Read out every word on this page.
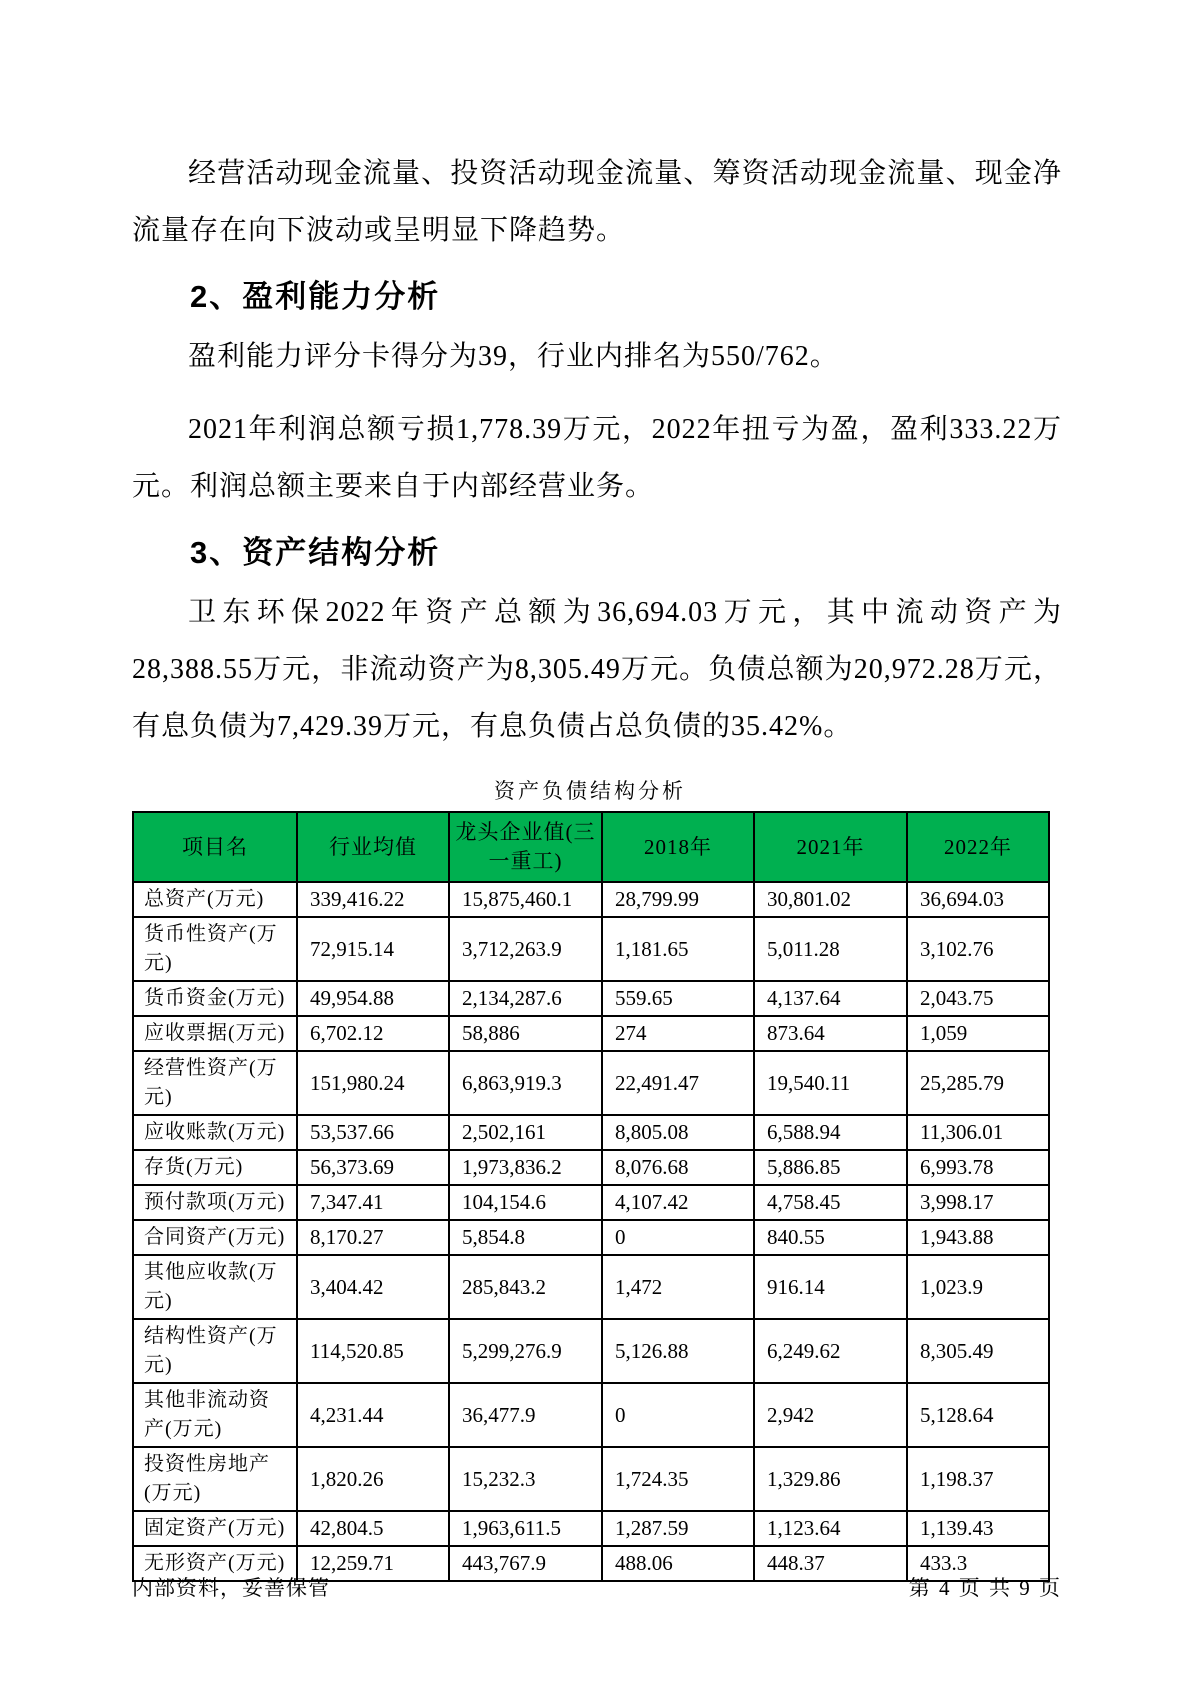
经营活动现金流量、投资活动现金流量、筹资活动现金流量、现金净流量存在向下波动或呈明显下降趋势。

2、盈利能力分析

盈利能力评分卡得分为39，行业内排名为550/762。

2021年利润总额亏损1,778.39万元，2022年扭亏为盈，盈利333.22万元。利润总额主要来自于内部经营业务。

3、资产结构分析

卫东环保2022年资产总额为36,694.03万元，其中流动资产为28,388.55万元，非流动资产为8,305.49万元。负债总额为20,972.28万元，有息负债为7,429.39万元，有息负债占总负债的35.42%。

资产负债结构分析
项目名	行业均值	龙头企业值(三一重工)	2018年	2021年	2022年
总资产(万元)	339,416.22	15,875,460.1	28,799.99	30,801.02	36,694.03
货币性资产(万元)	72,915.14	3,712,263.9	1,181.65	5,011.28	3,102.76
货币资金(万元)	49,954.88	2,134,287.6	559.65	4,137.64	2,043.75
应收票据(万元)	6,702.12	58,886	274	873.64	1,059
经营性资产(万元)	151,980.24	6,863,919.3	22,491.47	19,540.11	25,285.79
应收账款(万元)	53,537.66	2,502,161	8,805.08	6,588.94	11,306.01
存货(万元)	56,373.69	1,973,836.2	8,076.68	5,886.85	6,993.78
预付款项(万元)	7,347.41	104,154.6	4,107.42	4,758.45	3,998.17
合同资产(万元)	8,170.27	5,854.8	0	840.55	1,943.88
其他应收款(万元)	3,404.42	285,843.2	1,472	916.14	1,023.9
结构性资产(万元)	114,520.85	5,299,276.9	5,126.88	6,249.62	8,305.49
其他非流动资产(万元)	4,231.44	36,477.9	0	2,942	5,128.64
投资性房地产(万元)	1,820.26	15,232.3	1,724.35	1,329.86	1,198.37
固定资产(万元)	42,804.5	1,963,611.5	1,287.59	1,123.64	1,139.43
无形资产(万元)	12,259.71	443,767.9	488.06	448.37	433.3
内部资料，妥善保管	第 4 页 共 9 页
